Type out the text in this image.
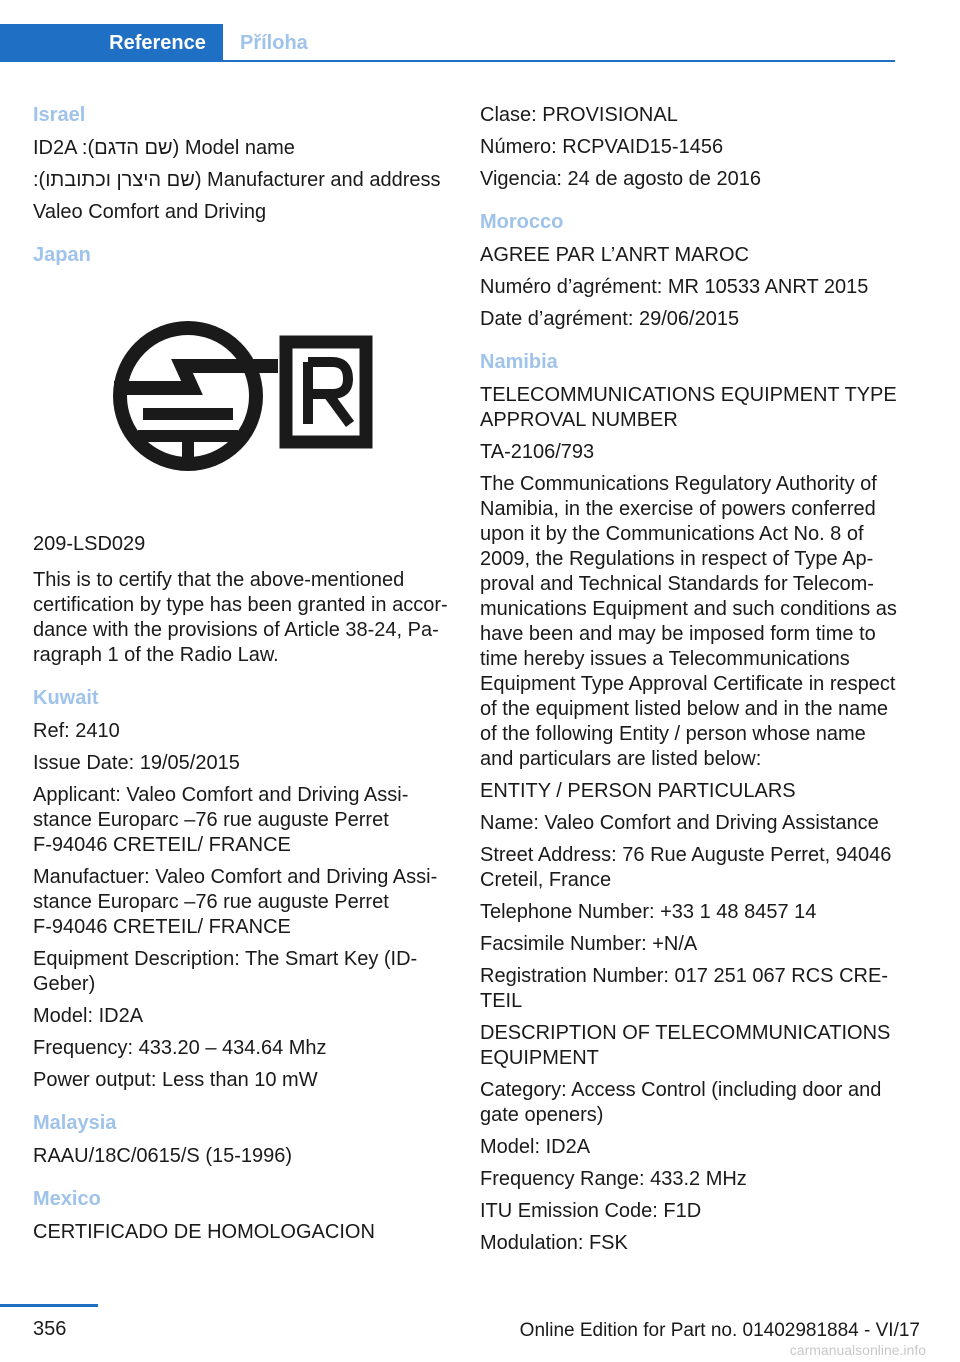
Reference	Příloha
Israel

ID2A :(שם הדגם) Model name

:(שם היצרן וכתובתו) Manufacturer and address

Valeo Comfort and Driving

Japan

209-LSD029

This is to certify that the above-mentioned certification by type has been granted in accordance with the provisions of Article 38-24, Paragraph 1 of the Radio Law.

Kuwait

Ref: 2410

Issue Date: 19/05/2015

Applicant: Valeo Comfort and Driving Assistance Europarc –76 rue auguste Perret
F-94046 CRETEIL/ FRANCE

Manufactuer: Valeo Comfort and Driving Assistance Europarc –76 rue auguste Perret
F-94046 CRETEIL/ FRANCE

Equipment Description: The Smart Key (ID-Geber)

Model: ID2A

Frequency: 433.20 – 434.64 Mhz

Power output: Less than 10 mW

Malaysia

RAAU/18C/0615/S (15-1996)

Mexico

CERTIFICADO DE HOMOLOGACION

Clase: PROVISIONAL

Número: RCPVAID15-1456

Vigencia: 24 de agosto de 2016

Morocco

AGREE PAR L’ANRT MAROC

Numéro d’agrément: MR 10533 ANRT 2015

Date d’agrément: 29/06/2015

Namibia

TELECOMMUNICATIONS EQUIPMENT TYPE APPROVAL NUMBER

TA-2106/793

The Communications Regulatory Authority of Namibia, in the exercise of powers conferred upon it by the Communications Act No. 8 of 2009, the Regulations in respect of Type Approval and Technical Standards for Telecommunications Equipment and such conditions as have been and may be imposed form time to time hereby issues a Telecommunications Equipment Type Approval Certificate in respect of the equipment listed below and in the name of the following Entity / person whose name and particulars are listed below:

ENTITY / PERSON PARTICULARS

Name: Valeo Comfort and Driving Assistance

Street Address: 76 Rue Auguste Perret, 94046 Creteil, France

Telephone Number: +33 1 48 8457 14

Facsimile Number: +N/A

Registration Number: 017 251 067 RCS CRETEIL

DESCRIPTION OF TELECOMMUNICATIONS EQUIPMENT

Category: Access Control (including door and gate openers)

Model: ID2A

Frequency Range: 433.2 MHz

ITU Emission Code: F1D

Modulation: FSK

356	Online Edition for Part no. 01402981884 - VI/17
carmanualsonline.info
